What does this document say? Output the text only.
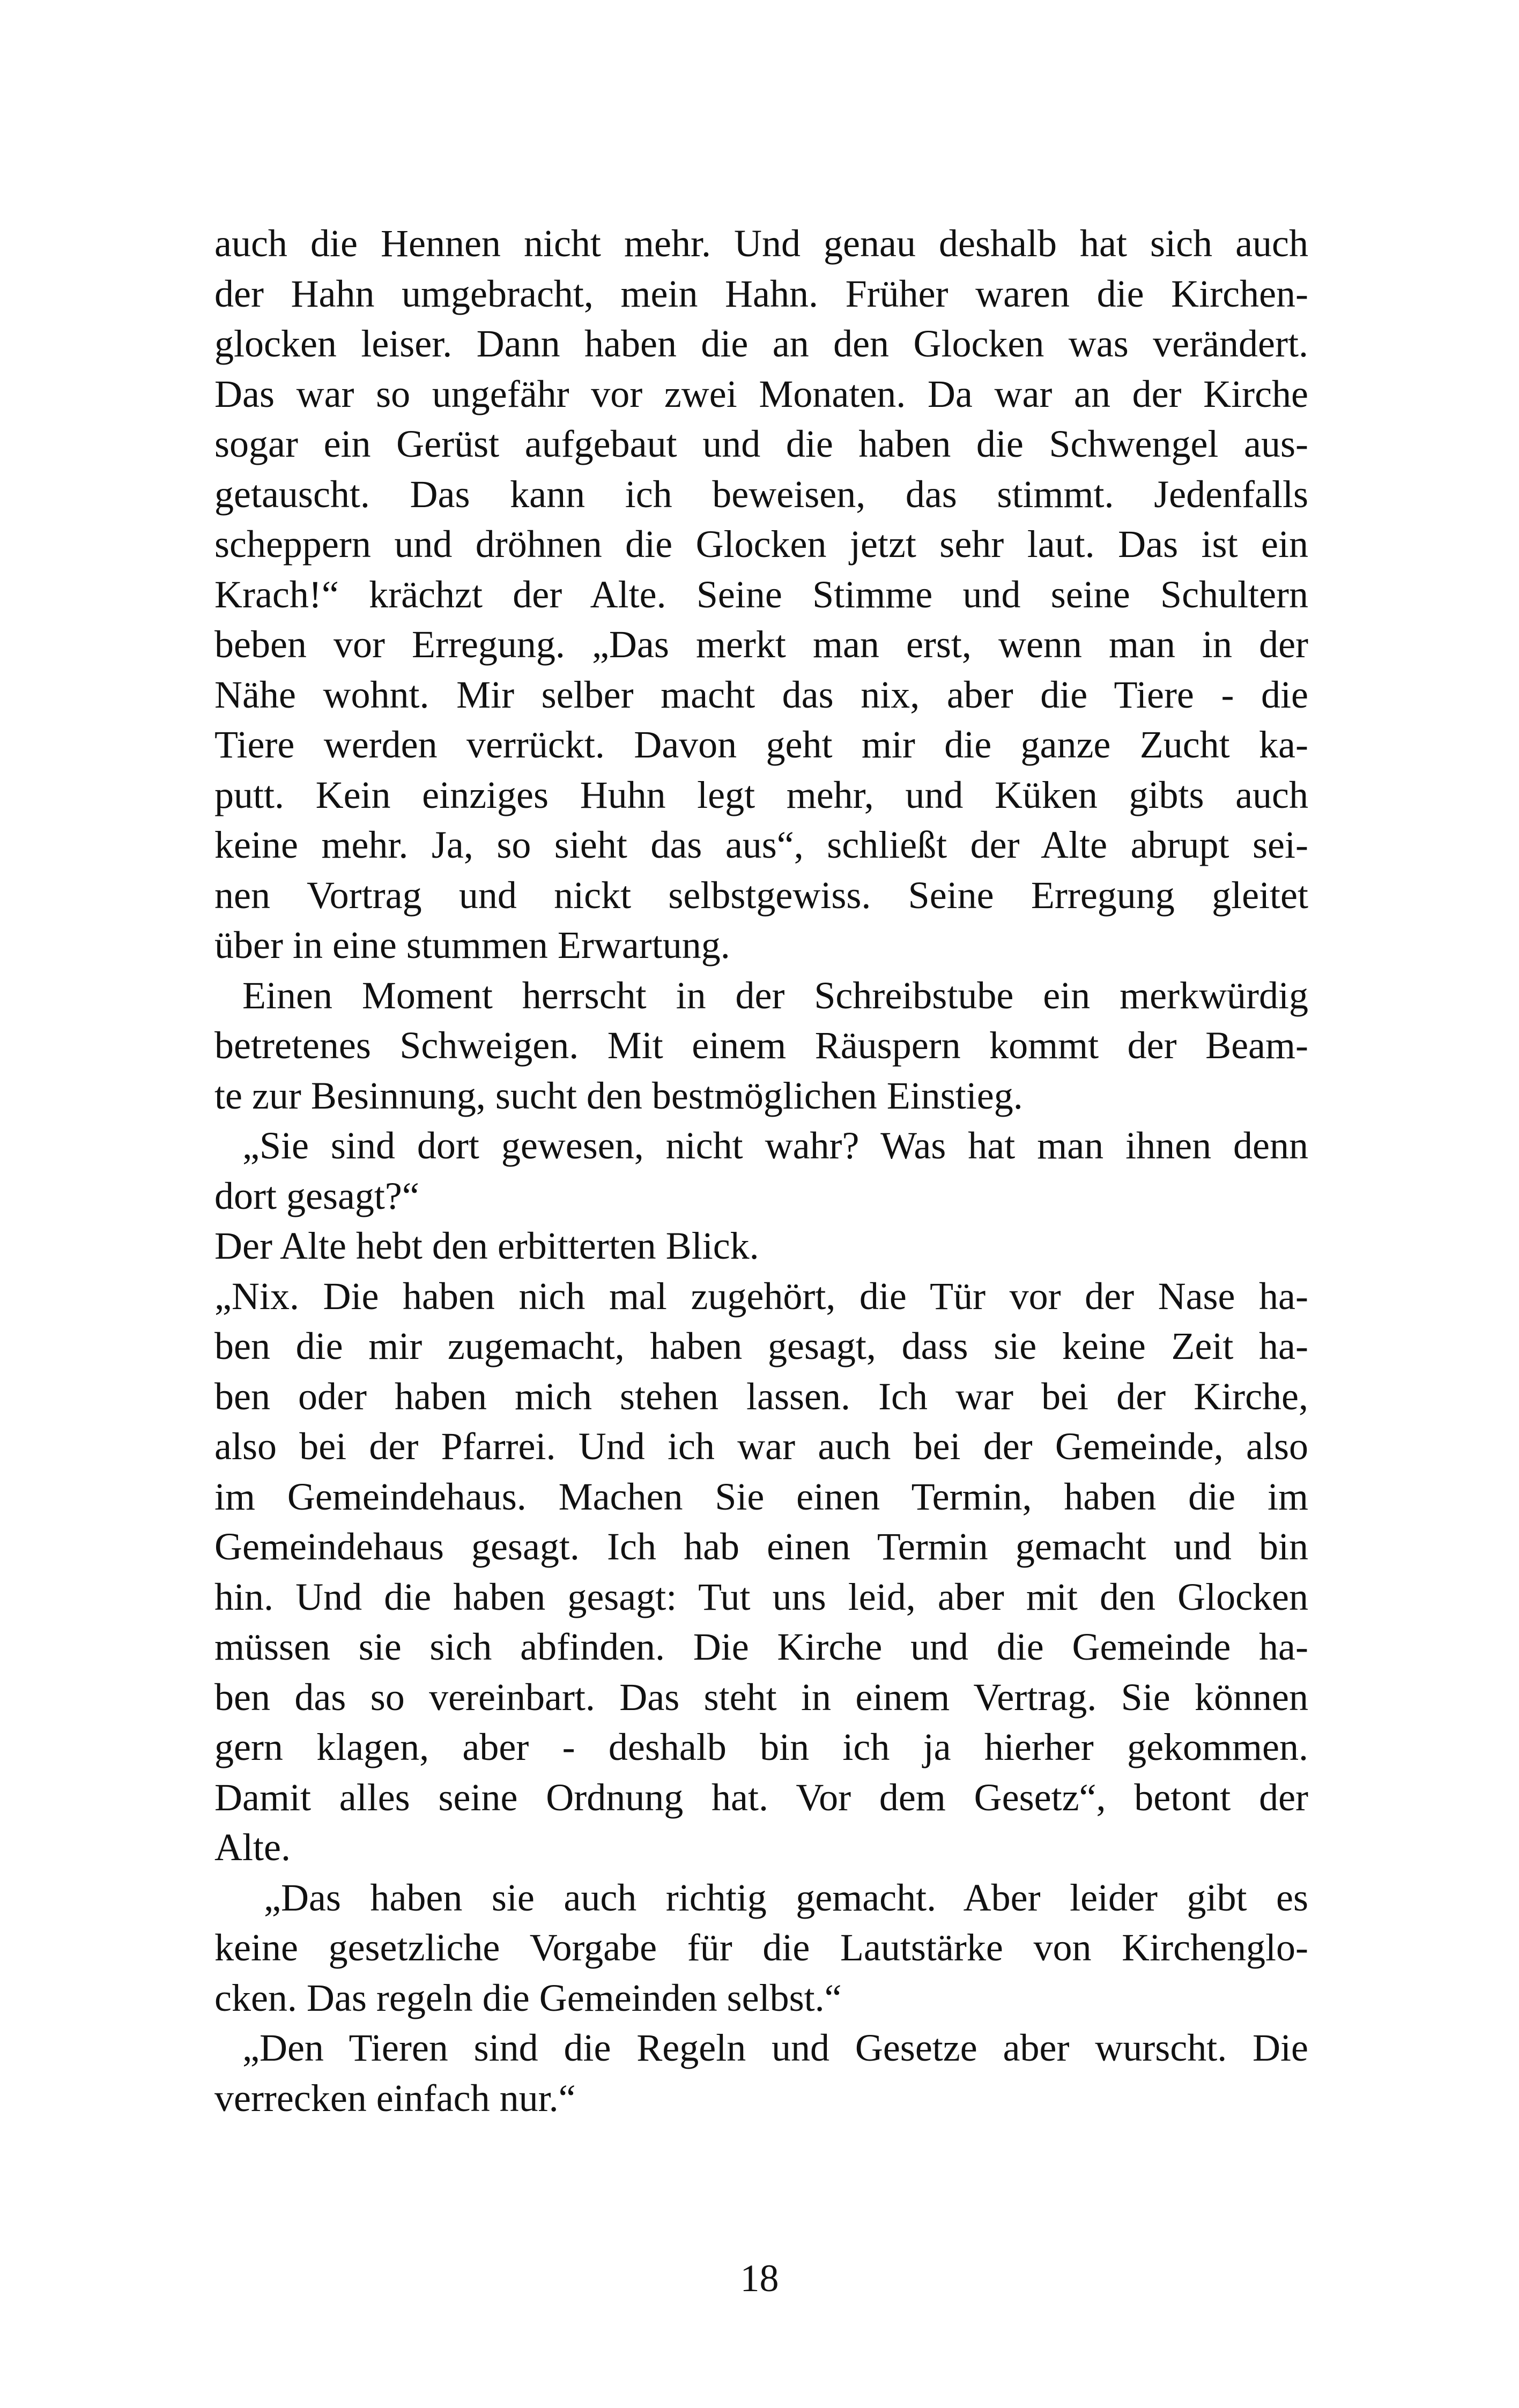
auch die Hennen nicht mehr. Und genau deshalb hat sich auch
der Hahn umgebracht, mein Hahn. Früher waren die Kirchen-
glocken leiser. Dann haben die an den Glocken was verändert.
Das war so ungefähr vor zwei Monaten. Da war an der Kirche
sogar ein Gerüst aufgebaut und die haben die Schwengel aus-
getauscht. Das kann ich beweisen, das stimmt. Jedenfalls
scheppern und dröhnen die Glocken jetzt sehr laut. Das ist ein
Krach!“ krächzt der Alte. Seine Stimme und seine Schultern
beben vor Erregung. „Das merkt man erst, wenn man in der
Nähe wohnt. Mir selber macht das nix, aber die Tiere - die
Tiere werden verrückt. Davon geht mir die ganze Zucht ka-
putt. Kein einziges Huhn legt mehr, und Küken gibts auch
keine mehr. Ja, so sieht das aus“, schließt der Alte abrupt sei-
nen Vortrag und nickt selbstgewiss. Seine Erregung gleitet
über in eine stummen Erwartung.
Einen Moment herrscht in der Schreibstube ein merkwürdig
betretenes Schweigen. Mit einem Räuspern kommt der Beam-
te zur Besinnung, sucht den bestmöglichen Einstieg.
„Sie sind dort gewesen, nicht wahr? Was hat man ihnen denn
dort gesagt?“
Der Alte hebt den erbitterten Blick.
„Nix. Die haben nich mal zugehört, die Tür vor der Nase ha-
ben die mir zugemacht, haben gesagt, dass sie keine Zeit ha-
ben oder haben mich stehen lassen. Ich war bei der Kirche,
also bei der Pfarrei. Und ich war auch bei der Gemeinde, also
im Gemeindehaus. Machen Sie einen Termin, haben die im
Gemeindehaus gesagt. Ich hab einen Termin gemacht und bin
hin. Und die haben gesagt: Tut uns leid, aber mit den Glocken
müssen sie sich abfinden. Die Kirche und die Gemeinde ha-
ben das so vereinbart. Das steht in einem Vertrag. Sie können
gern klagen, aber - deshalb bin ich ja hierher gekommen.
Damit alles seine Ordnung hat. Vor dem Gesetz“, betont der
Alte.
„Das haben sie auch richtig gemacht. Aber leider gibt es
keine gesetzliche Vorgabe für die Lautstärke von Kirchenglo-
cken. Das regeln die Gemeinden selbst.“
„Den Tieren sind die Regeln und Gesetze aber wurscht. Die
verrecken einfach nur.“
18
